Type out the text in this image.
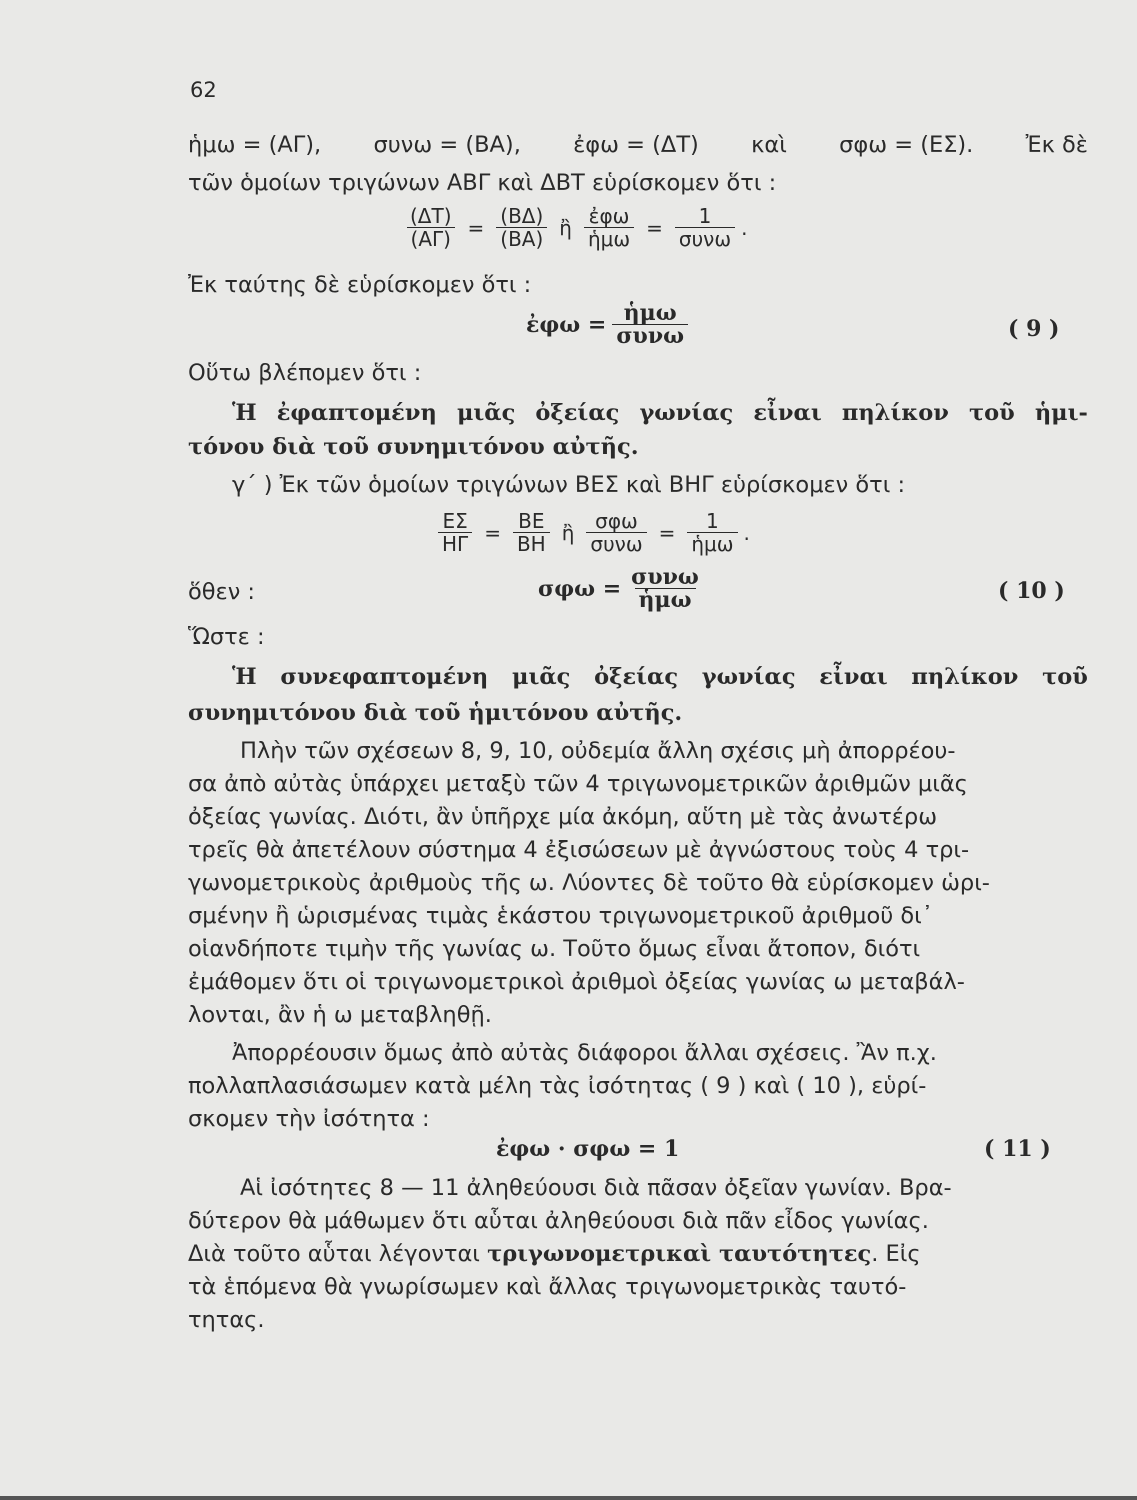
62
ἡμω = (ΑΓ), συνω = (ΒΑ), ἐφω = (ΔΤ) καὶ σφω = (ΕΣ). Ἐκ δὲ
τῶν ὁμοίων τριγώνων ΑΒΓ καὶ ΔΒΤ εὑρίσκομεν ὅτι :
$\frac{(\Delta T)}{(A\Gamma)} = \frac{(B\Delta)}{(BA)}$ ἢ $\frac{\text{ἐφω}}{\text{ἡμω}} = \frac{1}{\text{συνω}}$ .
Ἐκ ταύτης δὲ εὑρίσκομεν ὅτι :
ἐφω = $\frac{\text{ἡμω}}{\text{συνω}}$	( 9 )
Οὕτω βλέπομεν ὅτι :
Ἡ ἐφαπτομένη μιᾶς ὀξείας γωνίας εἶναι πηλίκον τοῦ ἡμι-
τόνου διὰ τοῦ συνημιτόνου αὐτῆς.
γ΄ ) Ἐκ τῶν ὁμοίων τριγώνων ΒΕΣ καὶ ΒΗΓ εὑρίσκομεν ὅτι :
$\frac{E\Sigma}{H\Gamma} = \frac{BE}{BH}$ ἢ $\frac{\text{σφω}}{\text{συνω}} = \frac{1}{\text{ἡμω}}$ .
ὅθεν :	$\sigma\varphi\omega = \frac{\text{συνω}}{\text{ἡμω}}$	( 10 )
Ὥστε :
Ἡ συνεφαπτομένη μιᾶς ὀξείας γωνίας εἶναι πηλίκον τοῦ
συνημιτόνου διὰ τοῦ ἡμιτόνου αὐτῆς.
Πλὴν τῶν σχέσεων 8, 9, 10, οὐδεμία ἄλλη σχέσις μὴ ἀπορρέου-
σα ἀπὸ αὐτὰς ὑπάρχει μεταξὺ τῶν 4 τριγωνομετρικῶν ἀριθμῶν μιᾶς
ὀξείας γωνίας. Διότι, ἂν ὑπῆρχε μία ἀκόμη, αὕτη μὲ τὰς ἀνωτέρω
τρεῖς θὰ ἀπετέλουν σύστημα 4 ἐξισώσεων μὲ ἀγνώστους τοὺς 4 τρι-
γωνομετρικοὺς ἀριθμοὺς τῆς ω. Λύοντες δὲ τοῦτο θὰ εὑρίσκομεν ὡρι-
σμένην ἢ ὡρισμένας τιμὰς ἑκάστου τριγωνομετρικοῦ ἀριθμοῦ δι᾽
οἱανδήποτε τιμὴν τῆς γωνίας ω. Τοῦτο ὅμως εἶναι ἄτοπον, διότι
ἐμάθομεν ὅτι οἱ τριγωνομετρικοὶ ἀριθμοὶ ὀξείας γωνίας ω μεταβάλ-
λονται, ἂν ἡ ω μεταβληθῇ.
Ἀπορρέουσιν ὅμως ἀπὸ αὐτὰς διάφοροι ἄλλαι σχέσεις. Ἂν π.χ.
πολλαπλασιάσωμεν κατὰ μέλη τὰς ἰσότητας ( 9 ) καὶ ( 10 ), εὑρί-
σκομεν τὴν ἰσότητα :
ἐφω · σφω = 1	( 11 )
Αἱ ἰσότητες 8 — 11 ἀληθεύουσι διὰ πᾶσαν ὀξεῖαν γωνίαν. Βρα-
δύτερον θὰ μάθωμεν ὅτι αὗται ἀληθεύουσι διὰ πᾶν εἶδος γωνίας.
Διὰ τοῦτο αὗται λέγονται τριγωνομετρικαὶ ταυτότητες. Εἰς
τὰ ἑπόμενα θὰ γνωρίσωμεν καὶ ἄλλας τριγωνομετρικὰς ταυτό-
τητας.
